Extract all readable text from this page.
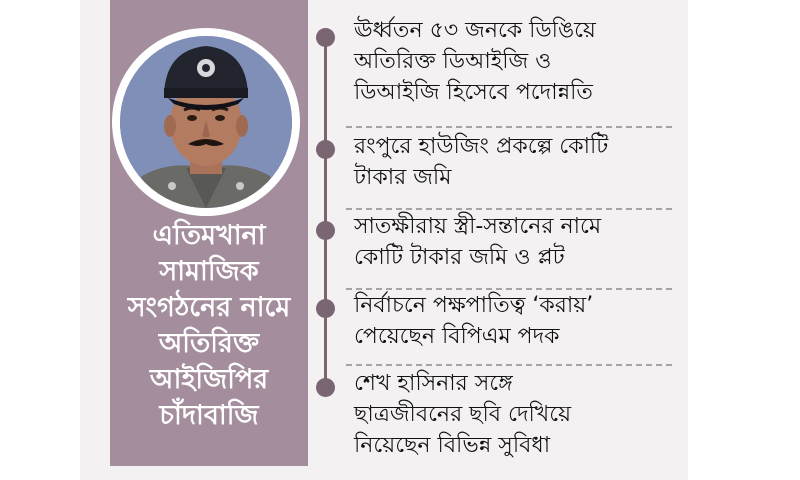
এতিমখানা
সামাজিক
সংগঠনের নামে
অতিরিক্ত
আইজিপির
চাঁদাবাজি

ঊর্ধ্বতন ৫৩ জনকে ডিঙিয়ে
অতিরিক্ত ডিআইজি ও
ডিআইজি হিসেবে পদোন্নতি

রংপুরে হাউজিং প্রকল্পে কোটি
টাকার জমি

সাতক্ষীরায় স্ত্রী-সন্তানের নামে
কোটি টাকার জমি ও প্লট

নির্বাচনে পক্ষপাতিত্ব ‘করায়’
পেয়েছেন বিপিএম পদক

শেখ হাসিনার সঙ্গে
ছাত্রজীবনের ছবি দেখিয়ে
নিয়েছেন বিভিন্ন সুবিধা
